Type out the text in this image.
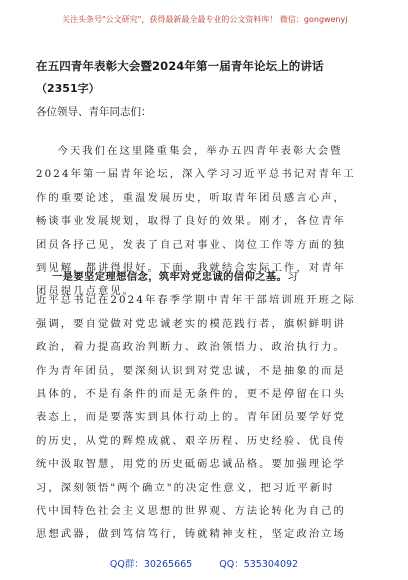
关注头条号"公文研究"，获得最新最全最专业的公文资料库！ 微信：gongwenyj
在五四青年表彰大会暨2024年第一届青年论坛上的讲话
（2351字）
各位领导、青年同志们：
今天我们在这里隆重集会，举办五四青年表彰大会暨
2024年第一届青年论坛，深入学习习近平总书记对青年工
作的重要论述，重温发展历史，听取青年团员感言心声，
畅谈事业发展规划，取得了良好的效果。刚才，各位青年
团员各抒己见，发表了自己对事业、岗位工作等方面的独
到见解，都讲得很好。下面，我就结合实际工作，对青年
团员提几点意见。
一是要坚定理想信念，筑牢对党忠诚的信仰之基。习
近平总书记在2024年春季学期中青年干部培训班开班之际
强调，要自觉做对党忠诚老实的模范践行者，旗帜鲜明讲
政治，着力提高政治判断力、政治领悟力、政治执行力。
作为青年团员，要深刻认识到对党忠诚，不是抽象的而是
具体的，不是有条件的而是无条件的，更不是停留在口头
表态上，而是要落实到具体行动上的。青年团员要学好党
的历史，从党的辉煌成就、艰辛历程、历史经验、优良传
统中汲取智慧，用党的历史砥砺忠诚品格。要加强理论学
习，深刻领悟"两个确立"的决定性意义，把习近平新时
代中国特色社会主义思想的世界观、方法论转化为自己的
思想武器，做到笃信笃行，铸就精神支柱，坚定政治立场
QQ群：30265665	QQ：535304092
